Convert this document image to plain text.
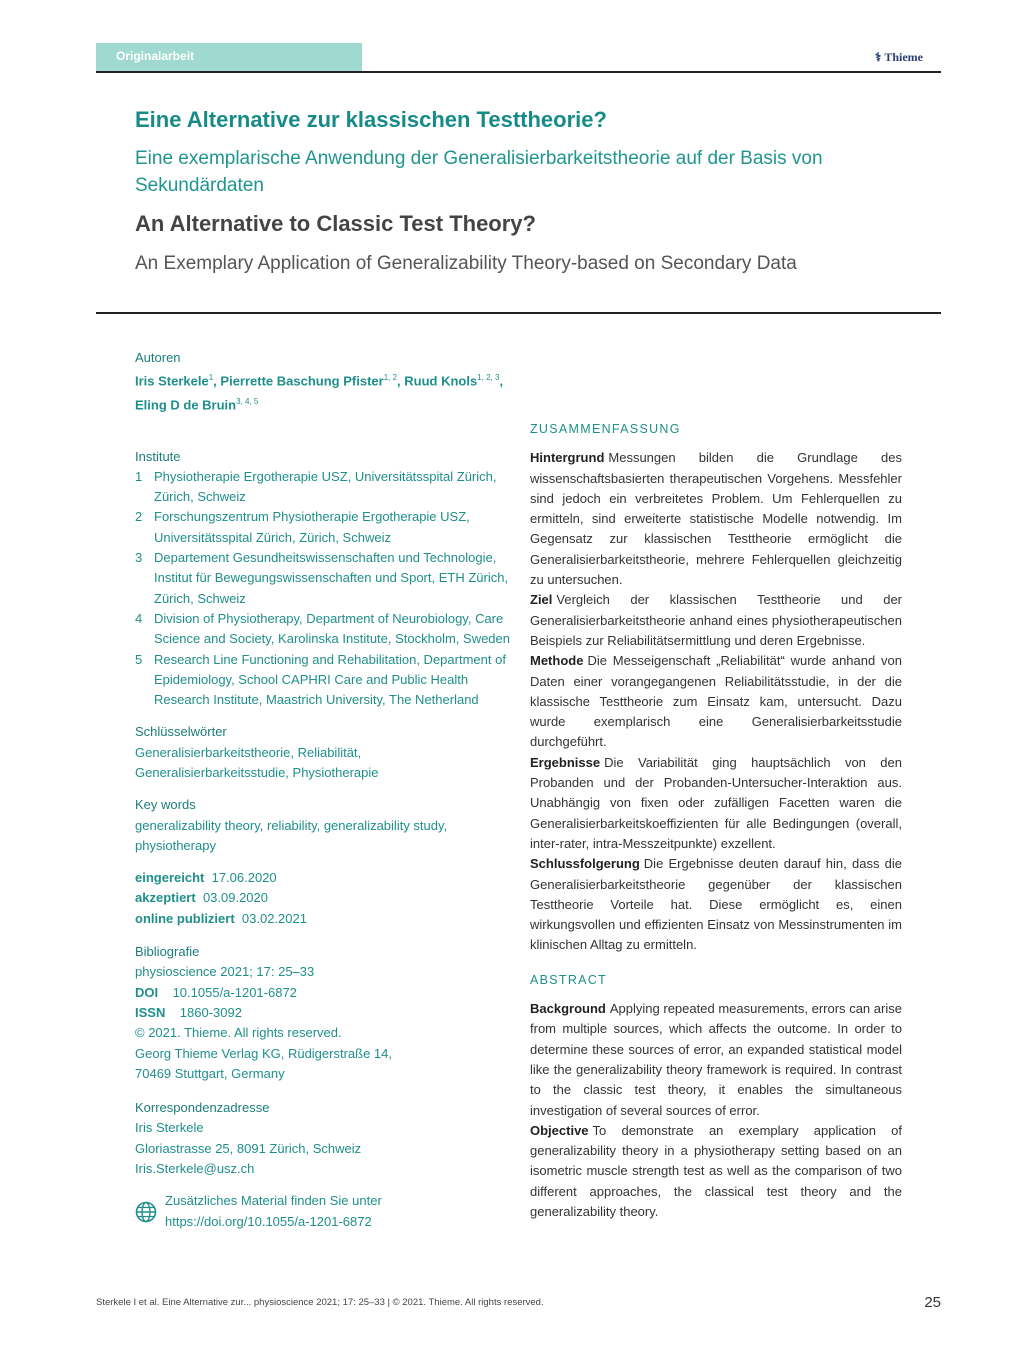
Originalarbeit	⚕ Thieme
Eine Alternative zur klassischen Testtheorie?

Eine exemplarische Anwendung der Generalisierbarkeitstheorie auf der Basis von Sekundärdaten

An Alternative to Classic Test Theory?

An Exemplary Application of Generalizability Theory-based on Secondary Data

Autoren
Iris Sterkele$^1$, Pierrette Baschung Pfister$^{1, 2}$, Ruud Knols$^{1, 2, 3}$, Eling D de Bruin$^{3, 4, 5}$
Institute
1 Physiotherapie Ergotherapie USZ, Universitätsspital Zürich, Zürich, Schweiz
2 Forschungszentrum Physiotherapie Ergotherapie USZ, Universitätsspital Zürich, Zürich, Schweiz
3 Departement Gesundheitswissenschaften und Technologie, Institut für Bewegungswissenschaften und Sport, ETH Zürich, Zürich, Schweiz
4 Division of Physiotherapy, Department of Neurobiology, Care Science and Society, Karolinska Institute, Stockholm, Sweden
5 Research Line Functioning and Rehabilitation, Department of Epidemiology, School CAPHRI Care and Public Health Research Institute, Maastrich University, The Netherland
Schlüsselwörter
Generalisierbarkeitstheorie, Reliabilität, Generalisierbarkeitsstudie, Physiotherapie
Key words
generalizability theory, reliability, generalizability study, physiotherapy
eingereicht 17.06.2020
akzeptiert 03.09.2020
online publiziert 03.02.2021
Bibliografie
physioscience 2021; 17: 25–33
DOI 10.1055/a-1201-6872
ISSN 1860-3092
© 2021. Thieme. All rights reserved.
Georg Thieme Verlag KG, Rüdigerstraße 14,
70469 Stuttgart, Germany
Korrespondenzadresse
Iris Sterkele
Gloriastrasse 25, 8091 Zürich, Schweiz
Iris.Sterkele@usz.ch
Zusätzliches Material finden Sie unter
https://doi.org/10.1055/a-1201-6872
ZUSAMMENFASSUNG

Hintergrund Messungen bilden die Grundlage des wissenschaftsbasierten therapeutischen Vorgehens. Messfehler sind jedoch ein verbreitetes Problem. Um Fehlerquellen zu ermitteln, sind erweiterte statistische Modelle notwendig. Im Gegensatz zur klassischen Testtheorie ermöglicht die Generalisierbarkeitstheorie, mehrere Fehlerquellen gleichzeitig zu untersuchen.

Ziel Vergleich der klassischen Testtheorie und der Generalisierbarkeitstheorie anhand eines physiotherapeutischen Beispiels zur Reliabilitätsermittlung und deren Ergebnisse.

Methode Die Messeigenschaft „Reliabilität“ wurde anhand von Daten einer vorangegangenen Reliabilitätsstudie, in der die klassische Testtheorie zum Einsatz kam, untersucht. Dazu wurde exemplarisch eine Generalisierbarkeitsstudie durchgeführt.

Ergebnisse Die Variabilität ging hauptsächlich von den Probanden und der Probanden-Untersucher-Interaktion aus. Unabhängig von fixen oder zufälligen Facetten waren die Generalisierbarkeitskoeffizienten für alle Bedingungen (overall, inter-rater, intra-Messzeitpunkte) exzellent.

Schlussfolgerung Die Ergebnisse deuten darauf hin, dass die Generalisierbarkeitstheorie gegenüber der klassischen Testtheorie Vorteile hat. Diese ermöglicht es, einen wirkungsvollen und effizienten Einsatz von Messinstrumenten im klinischen Alltag zu ermitteln.

ABSTRACT

Background Applying repeated measurements, errors can arise from multiple sources, which affects the outcome. In order to determine these sources of error, an expanded statistical model like the generalizability theory framework is required. In contrast to the classic test theory, it enables the simultaneous investigation of several sources of error.

Objective To demonstrate an exemplary application of generalizability theory in a physiotherapy setting based on an isometric muscle strength test as well as the comparison of two different approaches, the classical test theory and the generalizability theory.

Sterkele I et al. Eine Alternative zur... physioscience 2021; 17: 25–33 | © 2021. Thieme. All rights reserved.	25
